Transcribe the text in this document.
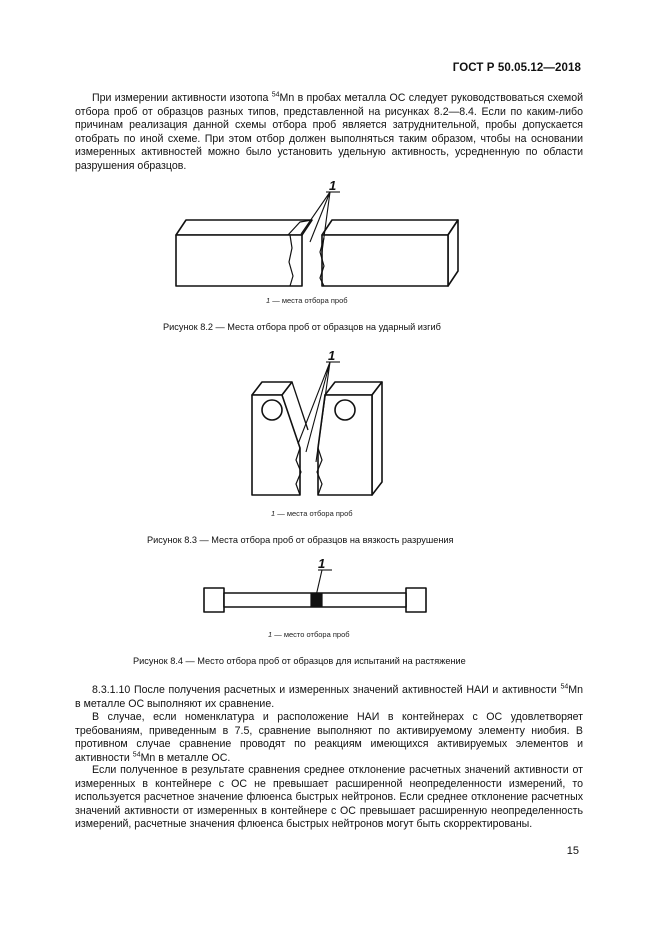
ГОСТ Р 50.05.12—2018
При измерении активности изотопа $^{54}$Mn в пробах металла ОС следует руководствоваться схемой отбора проб от образцов разных типов, представленной на рисунках 8.2—8.4. Если по каким-либо причинам реализация данной схемы отбора проб является затруднительной, пробы допускается отобрать по иной схеме. При этом отбор должен выполняться таким образом, чтобы на основании измеренных активностей можно было установить удельную активность, усредненную по области разрушения образцов.
1
1 — места отбора проб
Рисунок 8.2 — Места отбора проб от образцов на ударный изгиб
1
1 — места отбора проб
Рисунок 8.3 — Места отбора проб от образцов на вязкость разрушения
1
1 — место отбора проб
Рисунок 8.4 — Место отбора проб от образцов для испытаний на растяжение
8.3.1.10 После получения расчетных и измеренных значений активностей НАИ и активности $^{54}$Mn в металле ОС выполняют их сравнение.
В случае, если номенклатура и расположение НАИ в контейнерах с ОС удовлетворяет требованиям, приведенным в 7.5, сравнение выполняют по активируемому элементу ниобия. В противном случае сравнение проводят по реакциям имеющихся активируемых элементов и активности $^{54}$Mn в металле ОС.
Если полученное в результате сравнения среднее отклонение расчетных значений активности от измеренных в контейнере с ОС не превышает расширенной неопределенности измерений, то используется расчетное значение флюенса быстрых нейтронов. Если среднее отклонение расчетных значений активности от измеренных в контейнере с ОС превышает расширенную неопределенность измерений, расчетные значения флюенса быстрых нейтронов могут быть скорректированы.
15
